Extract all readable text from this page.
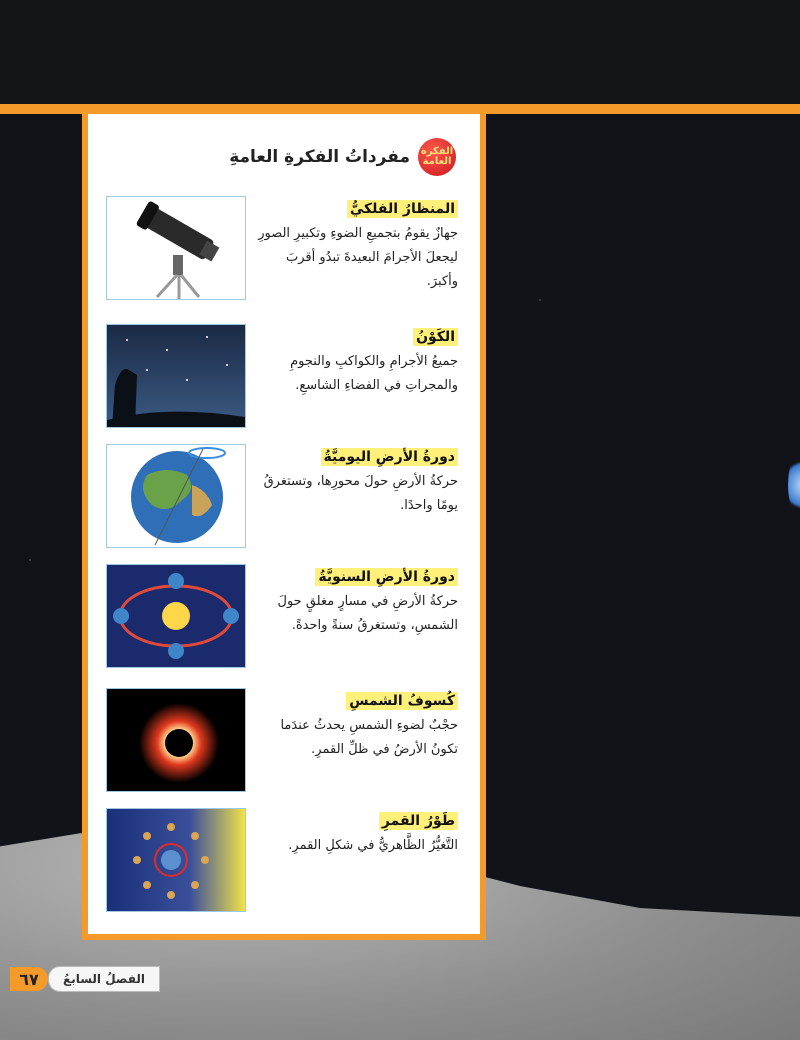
الفكرة العامة
مفرداتُ الفكرةِ العامةِ
المنظارُ الفلكيُّ
جهازٌ يقومُ بتجميعِ الضوءِ وتكبيرِ الصورِ ليجعلَ الأجرامَ البعيدةَ تبدُو أقربَ وأكبرَ.
الكَوْنُ
جميعُ الأجرامِ والكواكبِ والنجومِ والمجراتِ في الفضاءِ الشاسعِ.
دورةُ الأرضِ اليوميَّةُ
حركةُ الأرضِ حولَ محورِها، وتستغرقُ يومًا واحدًا.
دورةُ الأرضِ السنويَّةُ
حركةُ الأرضِ في مسارٍ مغلقٍ حولَ الشمسِ، وتستغرقُ سنةً واحدةً.
كُسوفُ الشمسِ
حجْبٌ لضوءِ الشمسِ يحدثُ عندَما تكونُ الأرضُ في ظلِّ القمرِ.
طَوْرُ القمرِ
التَّغيُّرُ الظَّاهريُّ في شكلِ القمرِ.
الفصلُ السابعُ
٦٧
